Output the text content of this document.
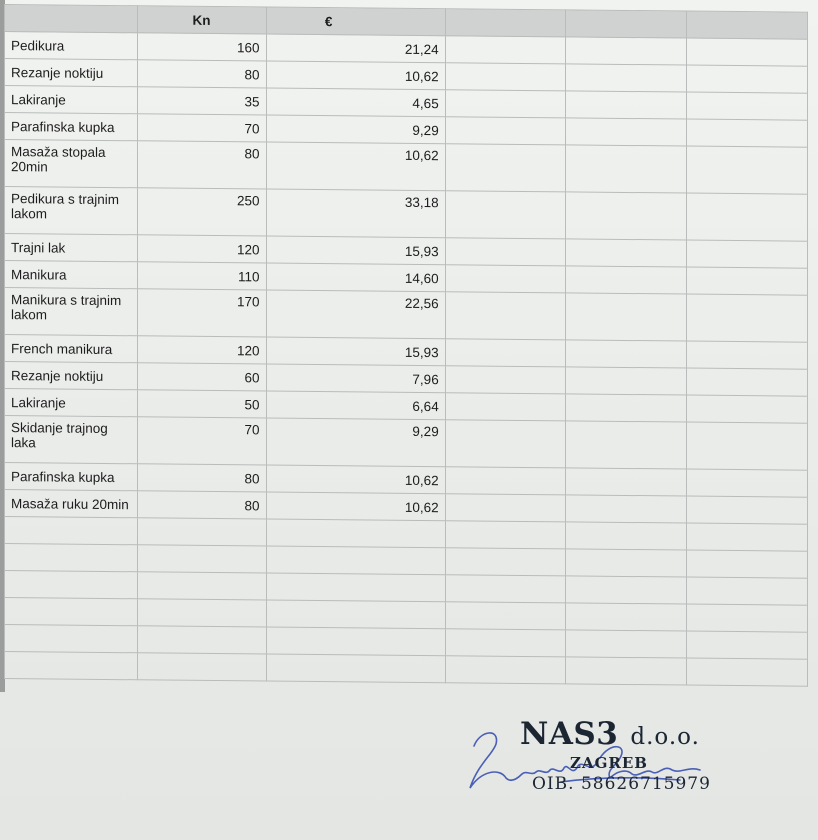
	Kn	€			
Pedikura	160	21,24			
Rezanje noktiju	80	10,62			
Lakiranje	35	4,65			
Parafinska kupka	70	9,29			
Masaža stopala 20min	80	10,62			
Pedikura s trajnim lakom	250	33,18			
Trajni lak	120	15,93			
Manikura	110	14,60			
Manikura s trajnim lakom	170	22,56			
French manikura	120	15,93			
Rezanje noktiju	60	7,96			
Lakiranje	50	6,64			
Skidanje trajnog laka	70	9,29			
Parafinska kupka	80	10,62			
Masaža ruku 20min	80	10,62			

NAS3 d.o.o.
ZAGREB
OIB. 58626715979
